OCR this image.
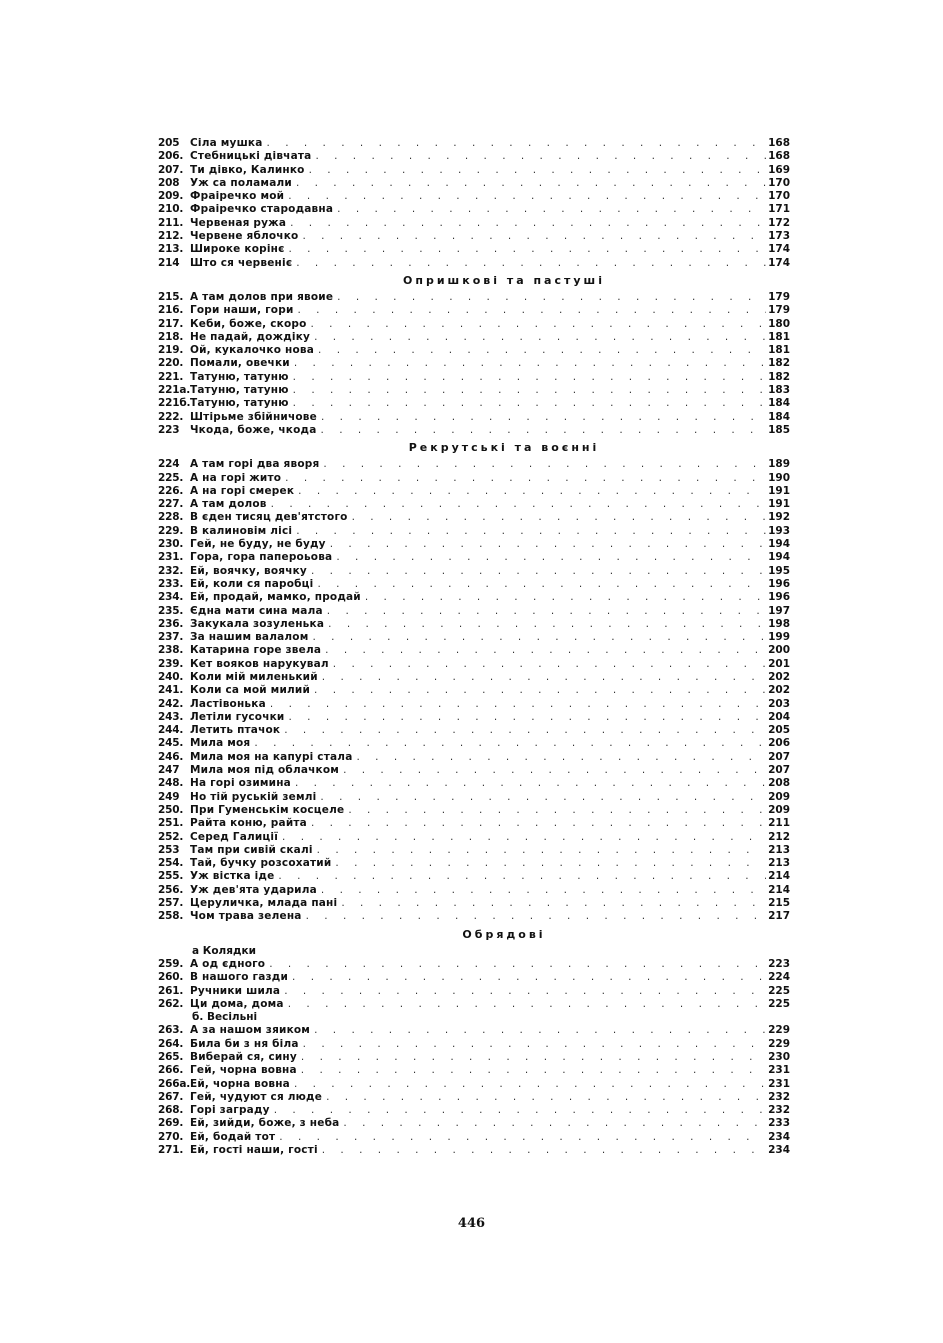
205	Сіла мушка . . .	168
206. Стебницькі дівчата . . .	168
207. Ти дівко, Калинко . . .	169
208	Уж са поламали . . .	170
209. Фраіречко мой . . .	170
210. Фраіречко стародавна . . .	171
211. Червеная ружа . . .	172
212. Червене яблочко . . .	173
213. Широке корінє . . .	174
214	Што ся червеніє . . .	174
Опришкові та пастуші
215. А там долов при явоие . . .	179
216. Гори наши, гори . . .	179
217. Кеби, боже, скоро . . .	180
218. Не падай, дождіку . . .	181
219. Ой, кукалочко нова . . .	181
220. Помали, овечки . . .	182
221. Татуню, татуню . . .	182
221а. Татуню, татуню . . .	183
221б. Татуню, татуню . . .	184
222. Штірьме збійничове . . .	184
223	Чкода, боже, чкода . . .	185
Рекрутські та воєнні
224	А там горі два яворя . . .	189
225. А на горі жито . . .	190
226. А на горі смерек . . .	191
227. А там долов . . .	191
228. В єден тисяц дев'ятстого . . .	192
229. В калиновім лісі . . .	193
230. Гей, не буду, не буду . . .	194
231. Гора, гора папероьова . . .	194
232. Ей, воячку, воячку . . .	195
233. Ей, коли ся паробці . . .	196
234. Ей, продай, мамко, продай . . .	196
235. Єдна мати сина мала . . .	197
236. Закукала зозуленька . . .	198
237. За нашим валалом . . .	199
238. Катарина горе звела . . .	200
239. Кет вояков нарукувал . . .	201
240. Коли мій миленький . . .	202
241. Коли са мой милий . . .	202
242. Ластівонька . . .	203
243. Летіли гусочки . . .	204
244. Летить птачок . . .	205
245. Мила моя . . .	206
246. Мила моя на капурі стала . . .	207
247	Мила моя під облачком . . .	207
248. На горі озимина . . .	208
249	Но тій руській землі . . .	209
250. При Гуменськім косцеле . . .	209
251. Райта коню, райта . . .	211
252. Серед Галиції . . .	212
253	Там при сивій скалі . . .	213
254. Тай, бучку розсохатий . . .	213
255. Уж вістка іде . . .	214
256. Уж дев'ята ударила . . .	214
257. Церуличка, млада пані . . .	215
258. Чом трава зелена . . .	217
Обрядові
а Колядки
259. А од єдного . . .	223
260. В нашого газди . . .	224
261. Ручники шила . . .	225
262. Ци дома, дома . . .	225
б. Весільні
263. А за нашом зяиком . . .	229
264. Била би з ня біла . . .	229
265. Виберай ся, сину . . .	230
266. Гей, чорна вовна . . .	231
266а. Ей, чорна вовна . . .	231
267. Гей, чудуют ся люде . . .	232
268. Горі заграду . . .	232
269. Ей, зийди, боже, з неба . . .	233
270. Ей, бодай тот . . .	234
271. Ей, гості наши, гості . . .	234
446
